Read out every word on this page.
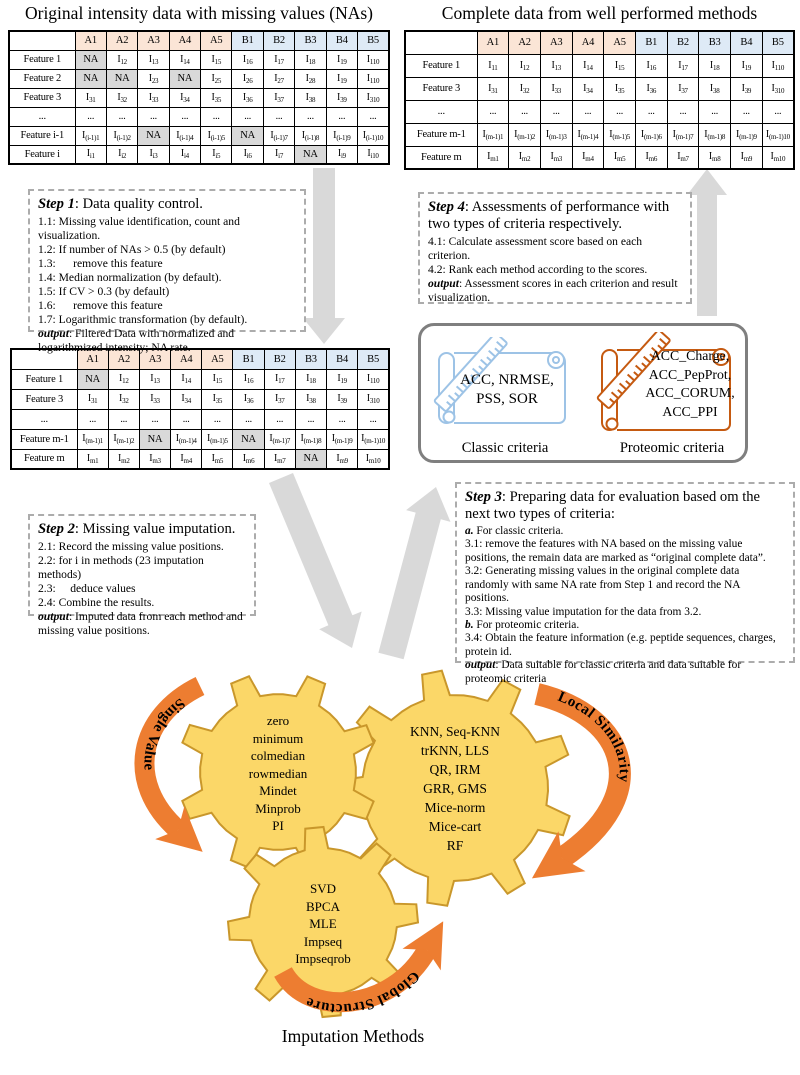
Single Value
Local Similarity
Global Structure
Original intensity data with missing values (NAs)	Complete data from well performed methods
	A1	A2	A3	A4	A5	B1	B2	B3	B4	B5
Feature 1	NA	$I_{12}$	$I_{13}$	$I_{14}$	$I_{15}$	$I_{16}$	$I_{17}$	$I_{18}$	$I_{19}$	$I_{110}$
Feature 2	NA	NA	$I_{23}$	NA	$I_{25}$	$I_{26}$	$I_{27}$	$I_{28}$	$I_{19}$	$I_{110}$
Feature 3	$I_{31}$	$I_{32}$	$I_{33}$	$I_{34}$	$I_{35}$	$I_{36}$	$I_{37}$	$I_{38}$	$I_{39}$	$I_{310}$
...	...	...	...	...	...	...	...	...	...	...
Feature i-1	$I_{(i-1)1}$	$I_{(i-1)2}$	NA	$I_{(i-1)4}$	$I_{(i-1)5}$	NA	$I_{(i-1)7}$	$I_{(i-1)8}$	$I_{(i-1)9}$	$I_{(i-1)10}$
Feature i	$I_{i1}$	$I_{i2}$	$I_{i3}$	$I_{i4}$	$I_{i5}$	$I_{i6}$	$I_{i7}$	NA	$I_{i9}$	$I_{i10}$
	A1	A2	A3	A4	A5	B1	B2	B3	B4	B5
Feature 1	$I_{11}$	$I_{12}$	$I_{13}$	$I_{14}$	$I_{15}$	$I_{16}$	$I_{17}$	$I_{18}$	$I_{19}$	$I_{110}$
Feature 3	$I_{31}$	$I_{32}$	$I_{33}$	$I_{34}$	$I_{35}$	$I_{36}$	$I_{37}$	$I_{38}$	$I_{39}$	$I_{310}$
...	...	...	...	...	...	...	...	...	...	...
Feature m-1	$I_{(m-1)1}$	$I_{(m-1)2}$	$I_{(m-1)3}$	$I_{(m-1)4}$	$I_{(m-1)5}$	$I_{(m-1)6}$	$I_{(m-1)7}$	$I_{(m-1)8}$	$I_{(m-1)9}$	$I_{(m-1)10}$
Feature m	$I_{m1}$	$I_{m2}$	$I_{m3}$	$I_{m4}$	$I_{m5}$	$I_{m6}$	$I_{m7}$	$I_{m8}$	$I_{m9}$	$I_{m10}$
	A1	A2	A3	A4	A5	B1	B2	B3	B4	B5
Feature 1	NA	$I_{12}$	$I_{13}$	$I_{14}$	$I_{15}$	$I_{16}$	$I_{17}$	$I_{18}$	$I_{19}$	$I_{110}$
Feature 3	$I_{31}$	$I_{32}$	$I_{33}$	$I_{34}$	$I_{35}$	$I_{36}$	$I_{37}$	$I_{38}$	$I_{39}$	$I_{310}$
...	...	...	...	...	...	...	...	...	...	...
Feature m-1	$I_{(m-1)1}$	$I_{(m-1)2}$	NA	$I_{(m-1)4}$	$I_{(m-1)5}$	NA	$I_{(m-1)7}$	$I_{(m-1)8}$	$I_{(m-1)9}$	$I_{(m-1)10}$
Feature m	$I_{m1}$	$I_{m2}$	$I_{m3}$	$I_{m4}$	$I_{m5}$	$I_{m6}$	$I_{m7}$	NA	$I_{m9}$	$I_{m10}$
Step 1: Data quality control.
1.1: Missing value identification, count and visualization.
1.2: If number of NAs > 0.5 (by default)
1.3:      remove this feature
1.4: Median normalization (by default).
1.5: If CV > 0.3 (by default)
1.6:      remove this feature
1.7: Logarithmic transformation (by default).
output: Filtered Data with normalized and logarithmized intensity; NA rate.
Step 2: Missing value imputation.
2.1: Record the missing value positions.
2.2: for i in methods (23 imputation methods)
2.3:     deduce values
2.4: Combine the results.
output: Imputed data from each method and missing value positions.
Step 3: Preparing data for evaluation based om the next two types of criteria:
a. For classic criteria.
3.1: remove the features with NA based on the missing value positions, the remain data are marked as “original complete data”.
3.2: Generating missing values in the original complete data randomly with same NA rate from Step 1 and record the NA positions.
3.3: Missing value imputation for the data from 3.2.
b. For proteomic criteria.
3.4: Obtain the feature information (e.g. peptide sequences, charges, protein id.
output: Data suitable for classic criteria and data suitable for proteomic criteria
Step 4: Assessments of performance with two types of criteria respectively.
4.1: Calculate assessment score based on each criterion.
4.2: Rank each method according to the scores.
output: Assessment scores in each criterion and result visualization.
ACC, NRMSE,
PSS, SOR
ACC_Charge,
ACC_PepProt,
ACC_CORUM,
ACC_PPI
Classic criteria	Proteomic criteria
zero
minimum
colmedian
rowmedian
Mindet
Minprob
PI
KNN, Seq-KNN
trKNN, LLS
QR, IRM
GRR, GMS
Mice-norm
Mice-cart
RF
SVD
BPCA
MLE
Impseq
Impseqrob
Imputation Methods
